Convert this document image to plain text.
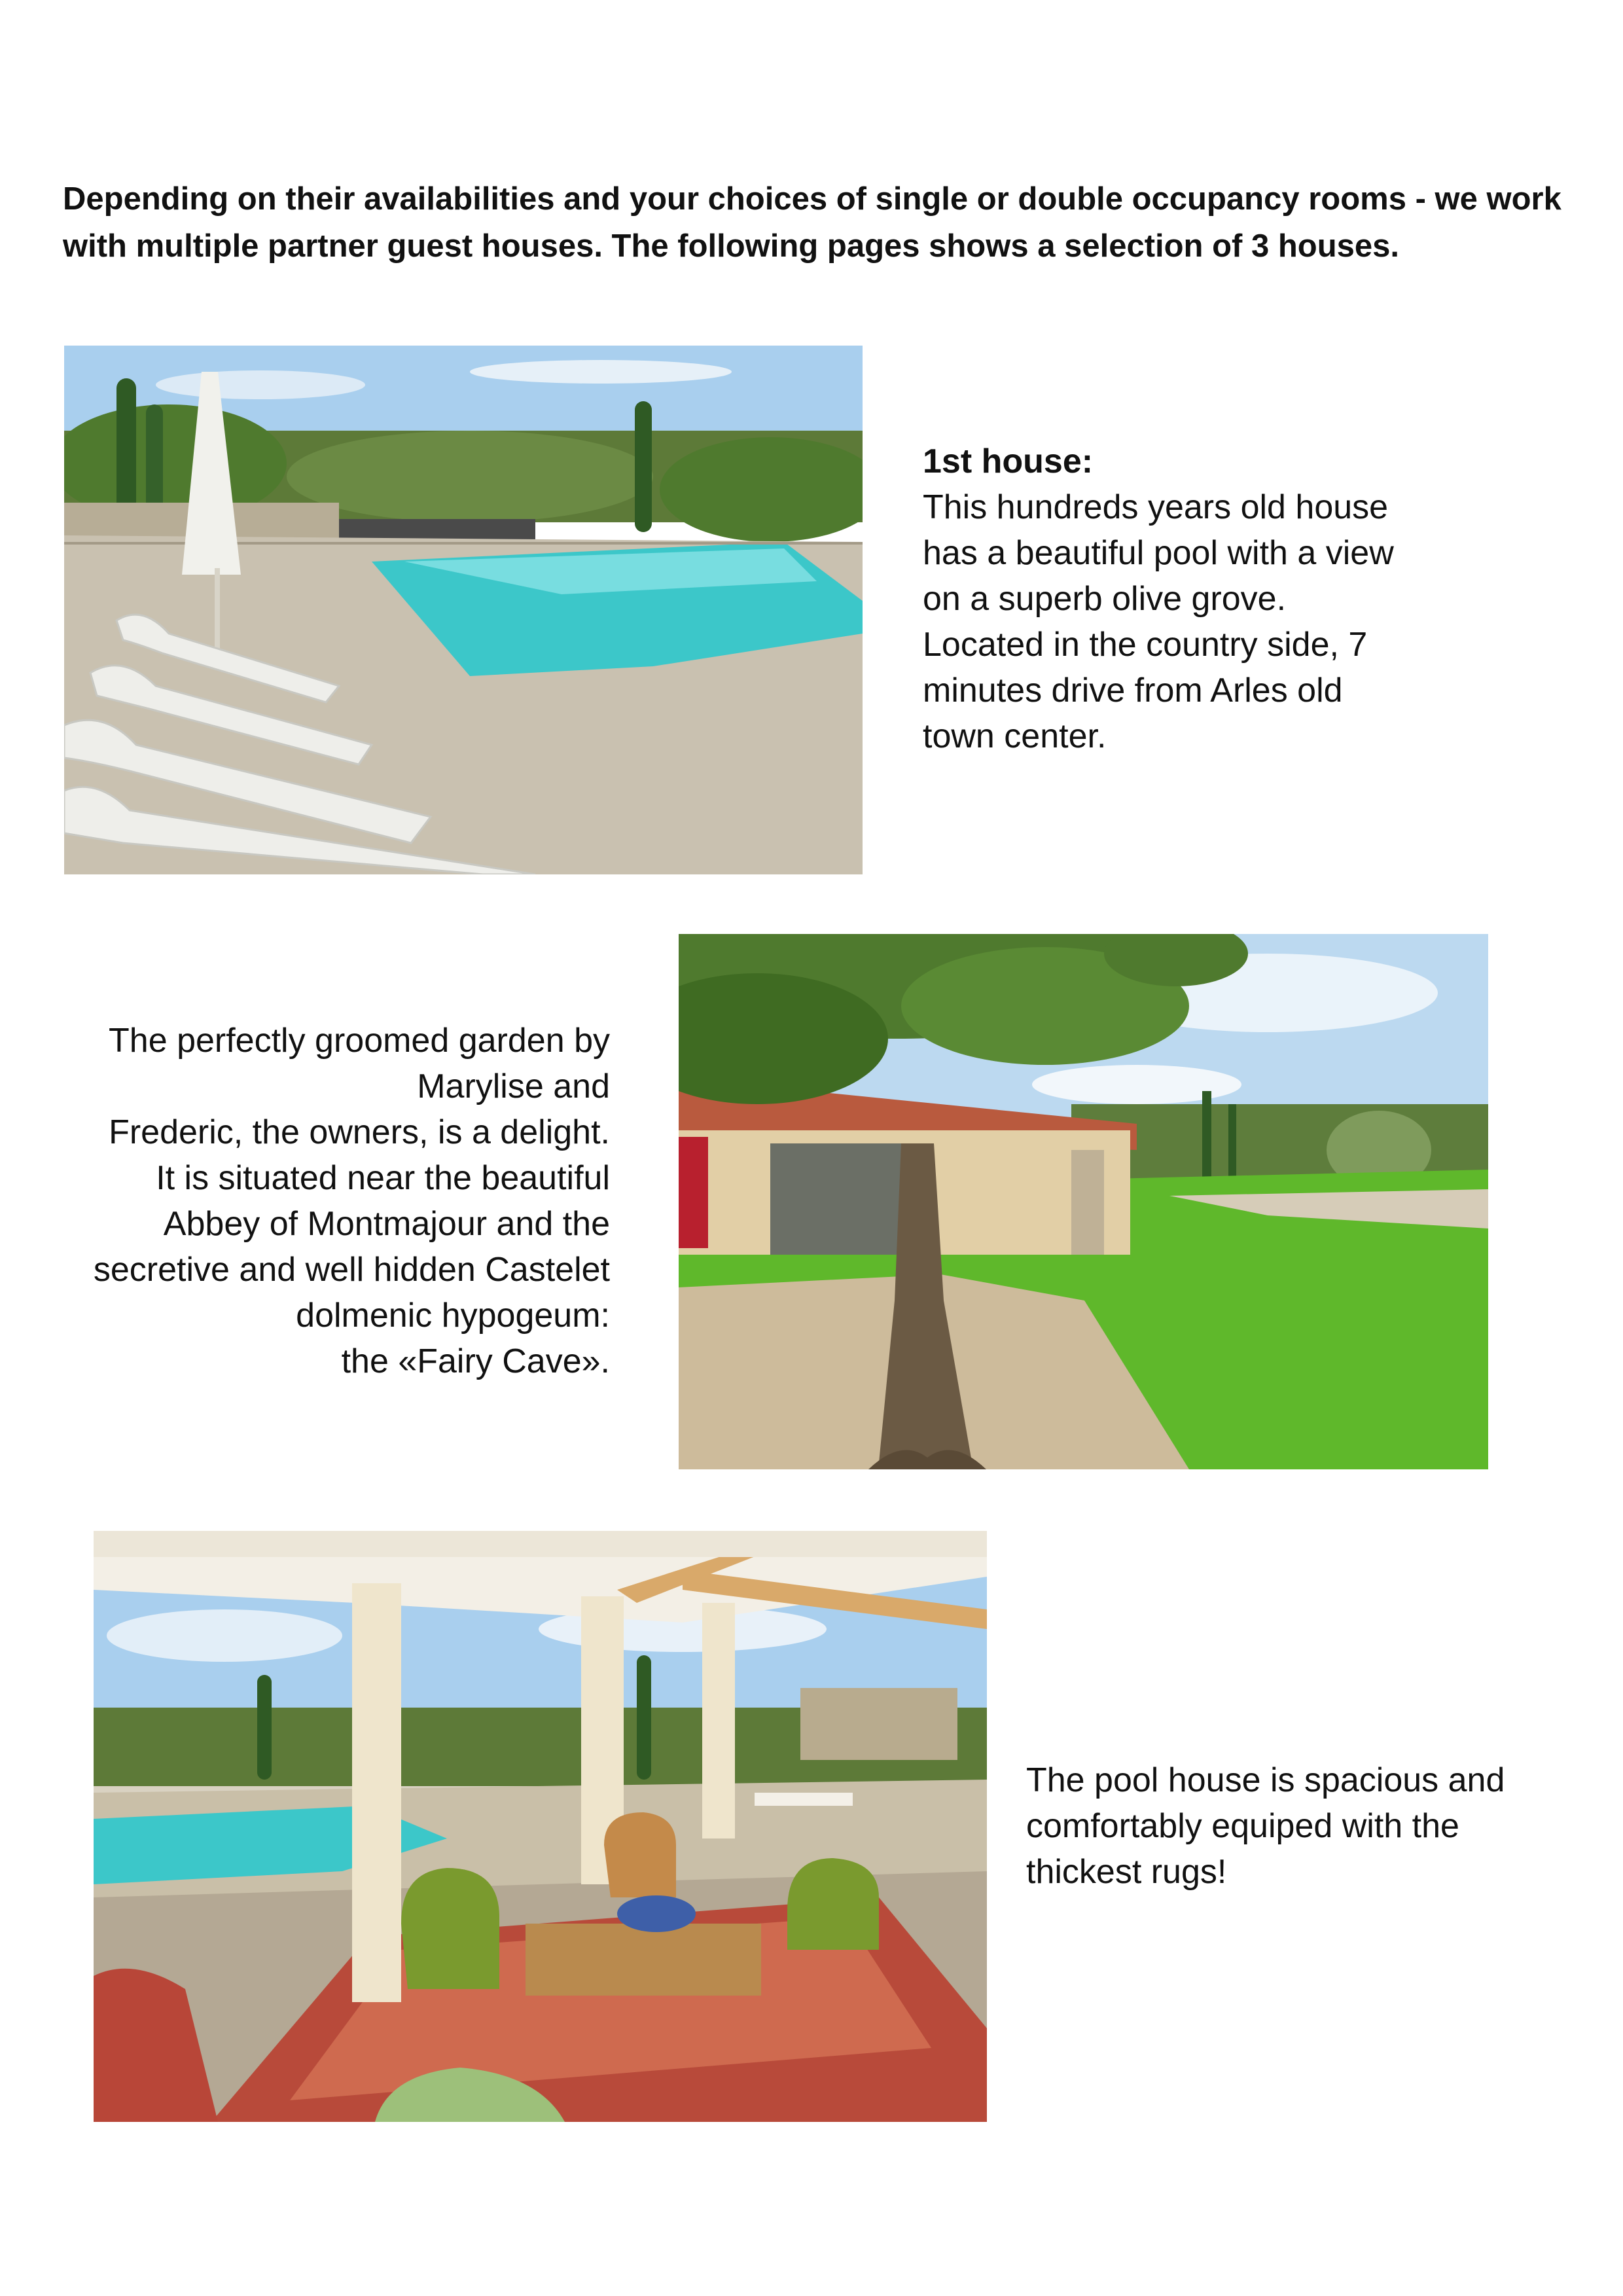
Depending on their availabilities and your choices of single or double occupancy rooms - we work with multiple partner guest houses. The following pages shows a selection of 3 houses.

1st house:

This hundreds years old house

has a beautiful pool with a view

on a superb olive grove.

Located in the country side, 7

minutes drive from Arles old

town center.

The perfectly groomed garden by

Marylise and

Frederic, the owners, is a delight.

It is situated near the beautiful

Abbey of Montmajour and the

secretive and well hidden Castelet

dolmenic hypogeum:

the «Fairy Cave».

The pool house is spacious and

comfortably equiped with the

thickest rugs!
